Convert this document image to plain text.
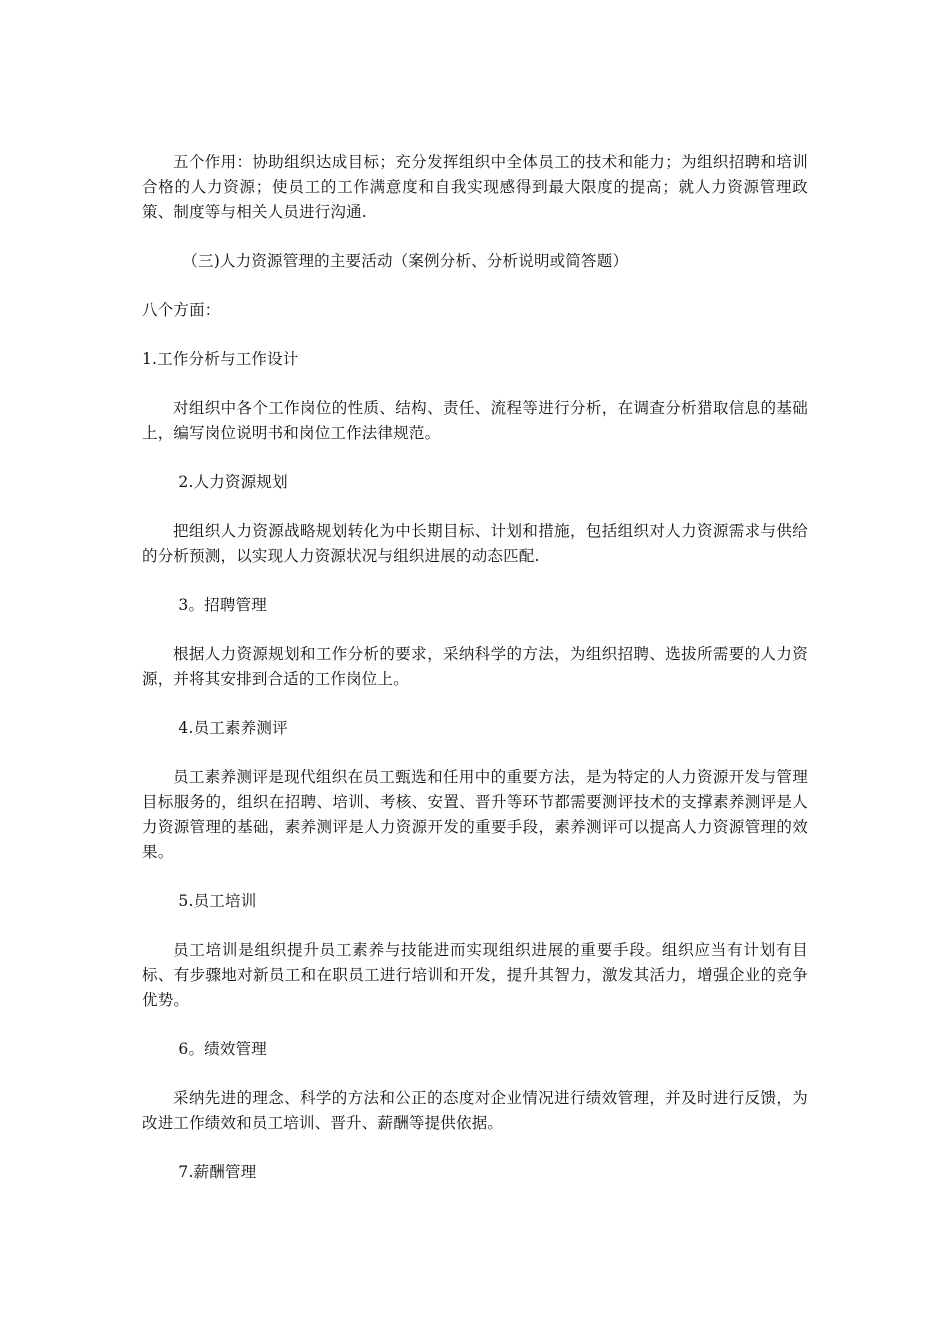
五个作用：协助组织达成目标；充分发挥组织中全体员工的技术和能力；为组织招聘和培训合格的人力资源；使员工的工作满意度和自我实现感得到最大限度的提高；就人力资源管理政策、制度等与相关人员进行沟通.

（三)人力资源管理的主要活动（案例分析、分析说明或简答题）

八个方面：

1.工作分析与工作设计

对组织中各个工作岗位的性质、结构、责任、流程等进行分析，在调查分析猎取信息的基础上，编写岗位说明书和岗位工作法律规范。

2.人力资源规划

把组织人力资源战略规划转化为中长期目标、计划和措施，包括组织对人力资源需求与供给的分析预测，以实现人力资源状况与组织进展的动态匹配.

3。招聘管理

根据人力资源规划和工作分析的要求，采纳科学的方法，为组织招聘、选拔所需要的人力资源，并将其安排到合适的工作岗位上。

4.员工素养测评

员工素养测评是现代组织在员工甄选和任用中的重要方法，是为特定的人力资源开发与管理目标服务的，组织在招聘、培训、考核、安置、晋升等环节都需要测评技术的支撑素养测评是人力资源管理的基础，素养测评是人力资源开发的重要手段，素养测评可以提高人力资源管理的效果。

5.员工培训

员工培训是组织提升员工素养与技能进而实现组织进展的重要手段。组织应当有计划有目标、有步骤地对新员工和在职员工进行培训和开发，提升其智力，激发其活力，增强企业的竞争优势。

6。绩效管理

采纳先进的理念、科学的方法和公正的态度对企业情况进行绩效管理，并及时进行反馈，为改进工作绩效和员工培训、晋升、薪酬等提供依据。

7.薪酬管理
